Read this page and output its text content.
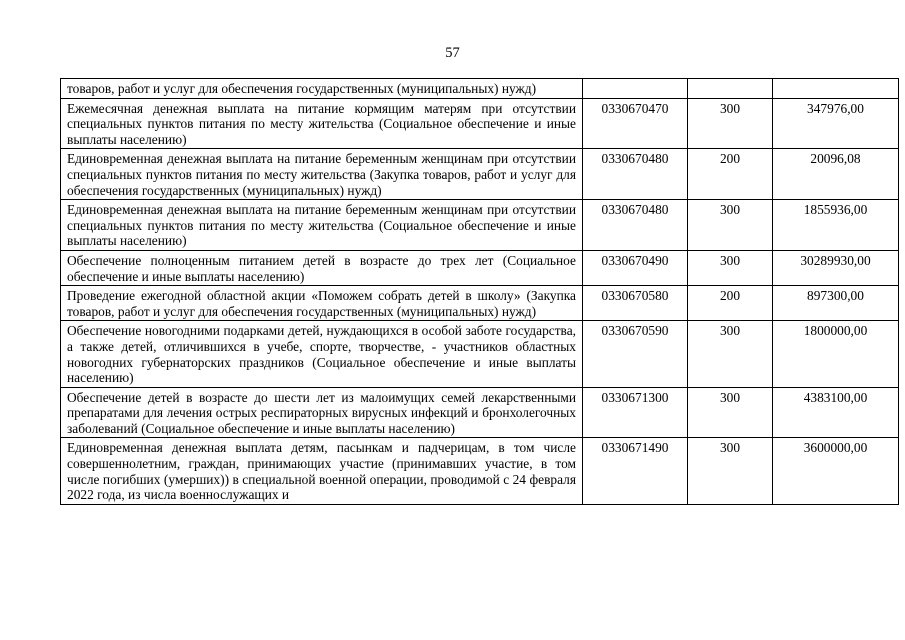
57
товаров, работ и услуг для обеспечения государственных (муниципальных) нужд)			
Ежемесячная денежная выплата на питание кормящим матерям при отсутствии специальных пунктов питания по месту жительства (Социальное обеспечение и иные выплаты населению)	0330670470	300	347976,00
Единовременная денежная выплата на питание беременным женщинам при отсутствии специальных пунктов питания по месту жительства (Закупка товаров, работ и услуг для обеспечения государственных (муниципальных) нужд)	0330670480	200	20096,08
Единовременная денежная выплата на питание беременным женщинам при отсутствии специальных пунктов питания по месту жительства (Социальное обеспечение и иные выплаты населению)	0330670480	300	1855936,00
Обеспечение полноценным питанием детей в возрасте до трех лет (Социальное обеспечение и иные выплаты населению)	0330670490	300	30289930,00
Проведение ежегодной областной акции «Поможем собрать детей в школу» (Закупка товаров, работ и услуг для обеспечения государственных (муниципальных) нужд)	0330670580	200	897300,00
Обеспечение новогодними подарками детей, нуждающихся в особой заботе государства, а также детей, отличившихся в учебе, спорте, творчестве, - участников областных новогодних губернаторских праздников (Социальное обеспечение и иные выплаты населению)	0330670590	300	1800000,00
Обеспечение детей в возрасте до шести лет из малоимущих семей лекарственными препаратами для лечения острых респираторных вирусных инфекций и бронхолегочных заболеваний (Социальное обеспечение и иные выплаты населению)	0330671300	300	4383100,00
Единовременная денежная выплата детям, пасынкам и падчерицам, в том числе совершеннолетним, граждан, принимающих участие (принимавших участие, в том числе погибших (умерших)) в специальной военной операции, проводимой с 24 февраля 2022 года, из числа военнослужащих и	0330671490	300	3600000,00
